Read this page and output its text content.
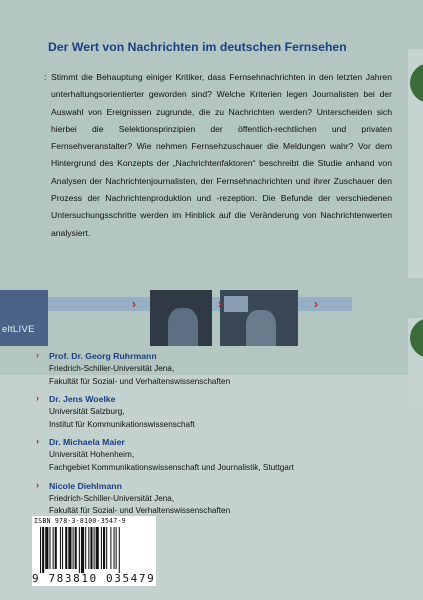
Der Wert von Nachrichten im deutschen Fernsehen
: Stimmt die Behauptung einiger Kritiker, dass Fernsehnachrichten in den letzten Jahren unterhaltungsorientierter geworden sind? Welche Kriterien legen Journalisten bei der Auswahl von Ereignissen zugrunde, die zu Nachrichten werden? Unterscheiden sich hierbei die Selektionsprinzipien der öffentlich-rechtlichen und privaten Fernsehveranstalter? Wie nehmen Fernsehzuschauer die Meldungen wahr? Vor dem Hintergrund des Konzepts der „Nachrichtenfaktoren“ beschreibt die Studie anhand von Analysen der Nachrichtenjournalisten, der Fernsehnachrichten und ihrer Zuschauer den Prozess der Nachrichtenproduktion und -rezeption. Die Befunde der verschiedenen Untersuchungsschritte werden im Hinblick auf die Veränderung von Nachrichtenwerten analysiert.

eltLIVE
›	›	›
› Prof. Dr. Georg Ruhrmann

Friedrich-Schiller-Universität Jena,

Fakultät für Sozial- und Verhaltenswissenschaften

› Dr. Jens Woelke

Universität Salzburg,

Institut für Kommunikationswissenschaft

› Dr. Michaela Maier

Universität Hohenheim,

Fachgebiet Kommunikationswissenschaft und Journalistik, Stuttgart

› Nicole Diehlmann

Friedrich-Schiller-Universität Jena,

Fakultät für Sozial- und Verhaltenswissenschaften

ISBN 978-3-8100-3547-9
9 783810 035479
